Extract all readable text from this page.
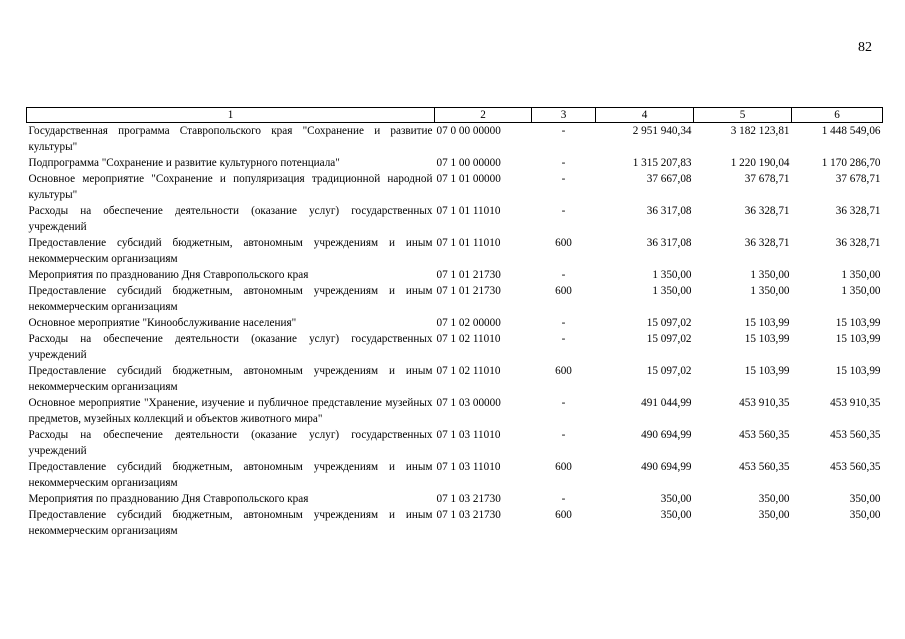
82
1	2	3	4	5	6
Государственная программа Ставропольского края "Сохранение и развитие культуры"	07 0 00 00000	-	2 951 940,34	3 182 123,81	1 448 549,06
Подпрограмма "Сохранение и развитие культурного потенциала"	07 1 00 00000	-	1 315 207,83	1 220 190,04	1 170 286,70
Основное мероприятие "Сохранение и популяризация традиционной народной культуры"	07 1 01 00000	-	37 667,08	37 678,71	37 678,71
Расходы на обеспечение деятельности (оказание услуг) государственных учреждений	07 1 01 11010	-	36 317,08	36 328,71	36 328,71
Предоставление субсидий бюджетным, автономным учреждениям и иным некоммерческим организациям	07 1 01 11010	600	36 317,08	36 328,71	36 328,71
Мероприятия по празднованию Дня Ставропольского края	07 1 01 21730	-	1 350,00	1 350,00	1 350,00
Предоставление субсидий бюджетным, автономным учреждениям и иным некоммерческим организациям	07 1 01 21730	600	1 350,00	1 350,00	1 350,00
Основное мероприятие "Кинообслуживание населения"	07 1 02 00000	-	15 097,02	15 103,99	15 103,99
Расходы на обеспечение деятельности (оказание услуг) государственных учреждений	07 1 02 11010	-	15 097,02	15 103,99	15 103,99
Предоставление субсидий бюджетным, автономным учреждениям и иным некоммерческим организациям	07 1 02 11010	600	15 097,02	15 103,99	15 103,99
Основное мероприятие "Хранение, изучение и публичное представление музейных предметов, музейных коллекций и объектов животного мира"	07 1 03 00000	-	491 044,99	453 910,35	453 910,35
Расходы на обеспечение деятельности (оказание услуг) государственных учреждений	07 1 03 11010	-	490 694,99	453 560,35	453 560,35
Предоставление субсидий бюджетным, автономным учреждениям и иным некоммерческим организациям	07 1 03 11010	600	490 694,99	453 560,35	453 560,35
Мероприятия по празднованию Дня Ставропольского края	07 1 03 21730	-	350,00	350,00	350,00
Предоставление субсидий бюджетным, автономным учреждениям и иным некоммерческим организациям	07 1 03 21730	600	350,00	350,00	350,00
